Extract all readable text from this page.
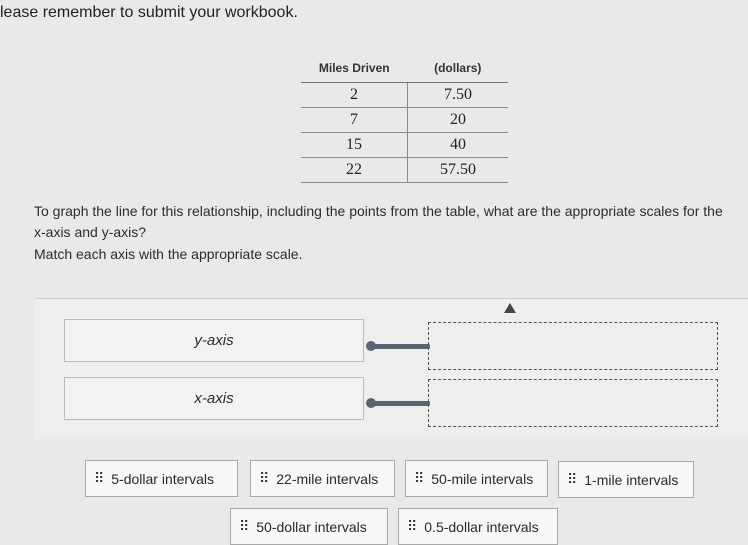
lease remember to submit your workbook.
Miles Driven	(dollars)
2	7.50
7	20
15	40
22	57.50
To graph the line for this relationship, including the points from the table, what are the appropriate scales for the
x-axis and y-axis?
Match each axis with the appropriate scale.
y-axis
x-axis
⠿ 5-dollar intervals	⠿ 22-mile intervals	⠿ 50-mile intervals ⠿ 1-mile intervals
⠿ 50-dollar intervals	⠿ 0.5-dollar intervals
